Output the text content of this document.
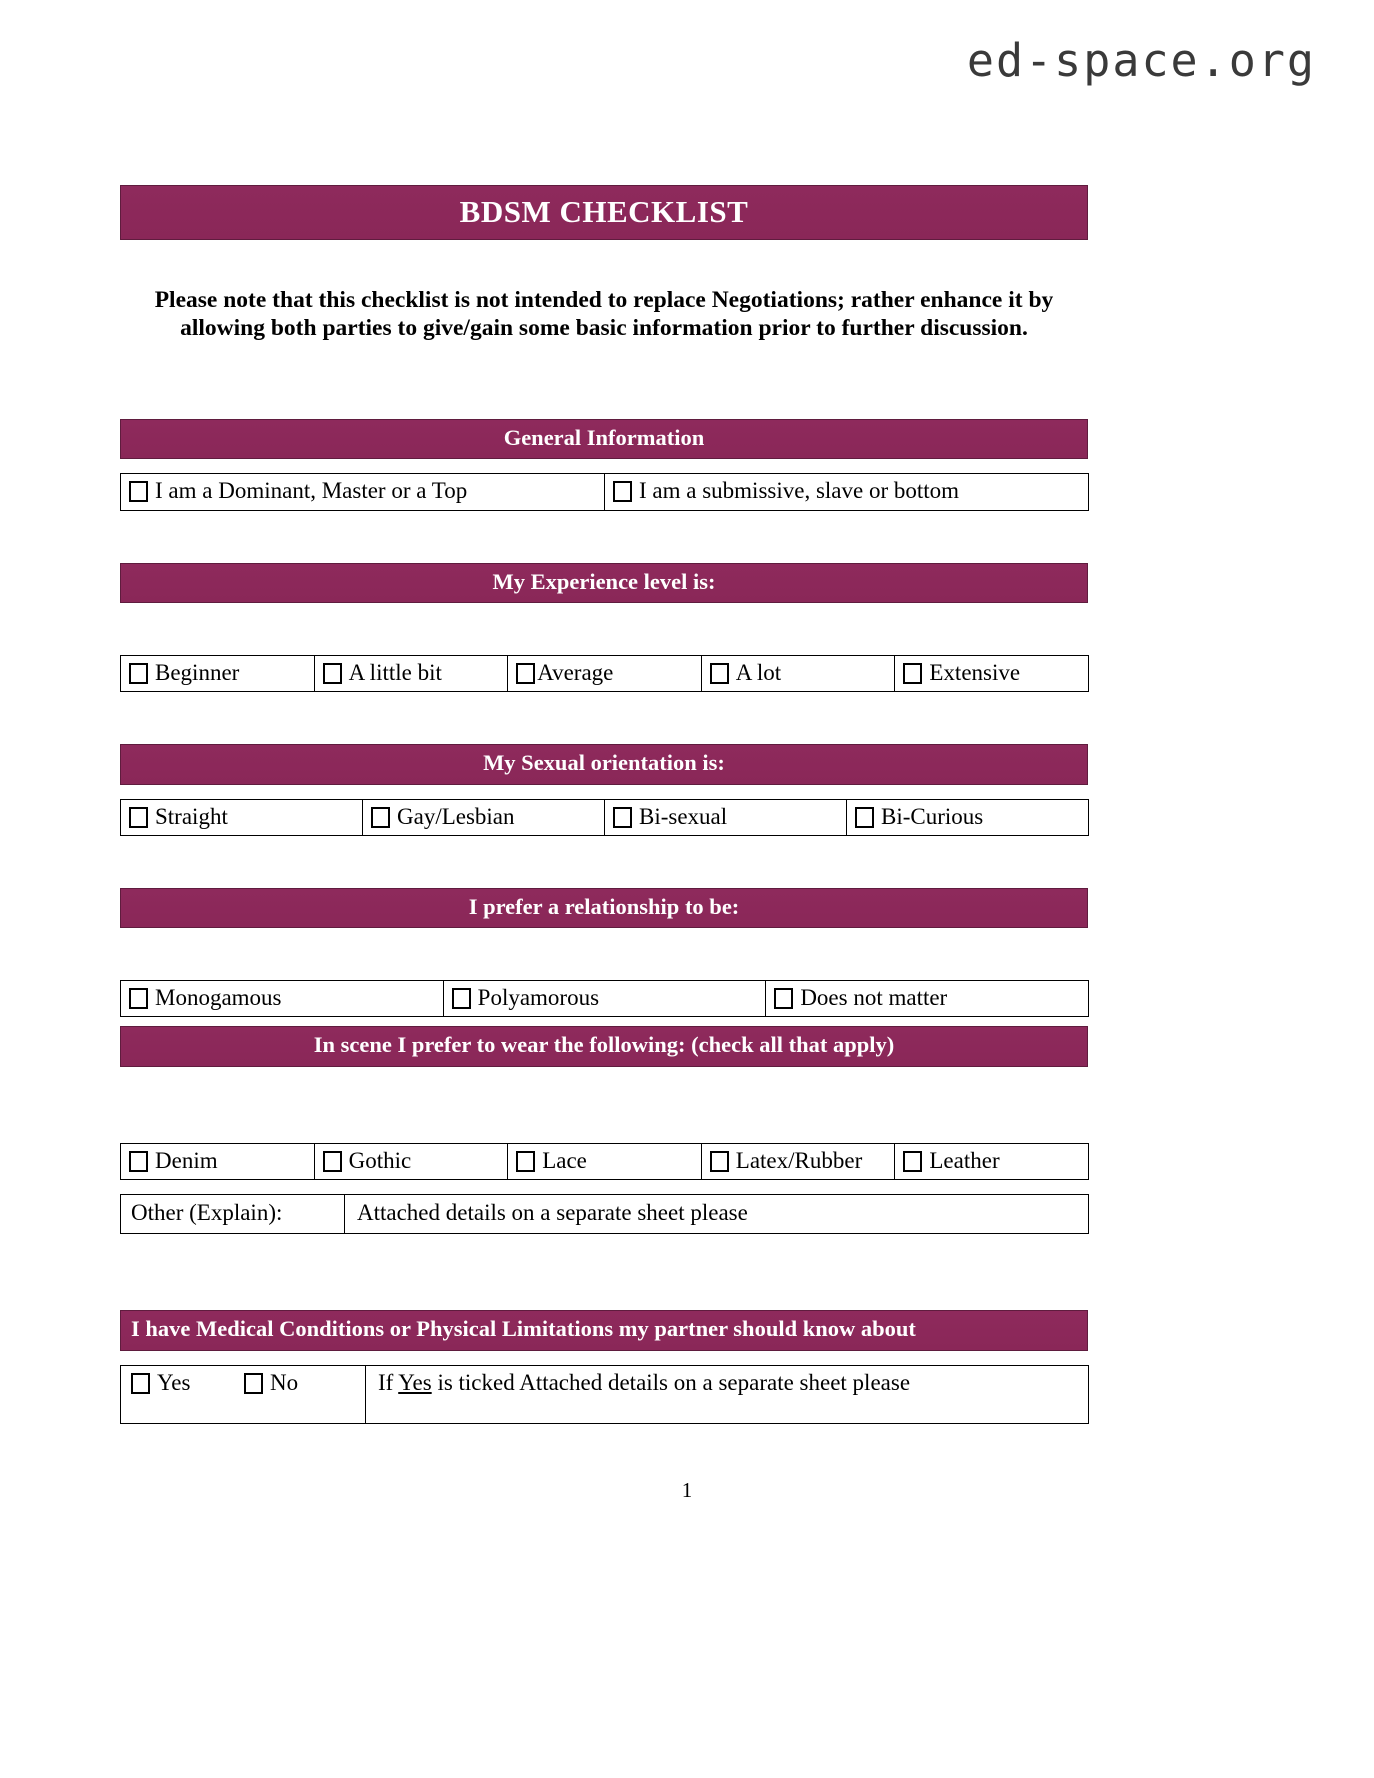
ed-space.org
BDSM CHECKLIST
Please note that this checklist is not intended to replace Negotiations; rather enhance it by allowing both parties to give/gain some basic information prior to further discussion.
General Information
I am a Dominant, Master or a Top	I am a submissive, slave or bottom
My Experience level is:
Beginner	A little bit	Average	A lot	Extensive
My Sexual orientation is:
Straight	Gay/Lesbian	Bi-sexual	Bi-Curious
I prefer a relationship to be:
Monogamous	Polyamorous	Does not matter
In scene I prefer to wear the following: (check all that apply)
Denim	Gothic	Lace	Latex/Rubber	Leather
Other (Explain):	Attached details on a separate sheet please
I have Medical Conditions or Physical Limitations my partner should know about
Yes	No	If Yes is ticked Attached details on a separate sheet please
1
